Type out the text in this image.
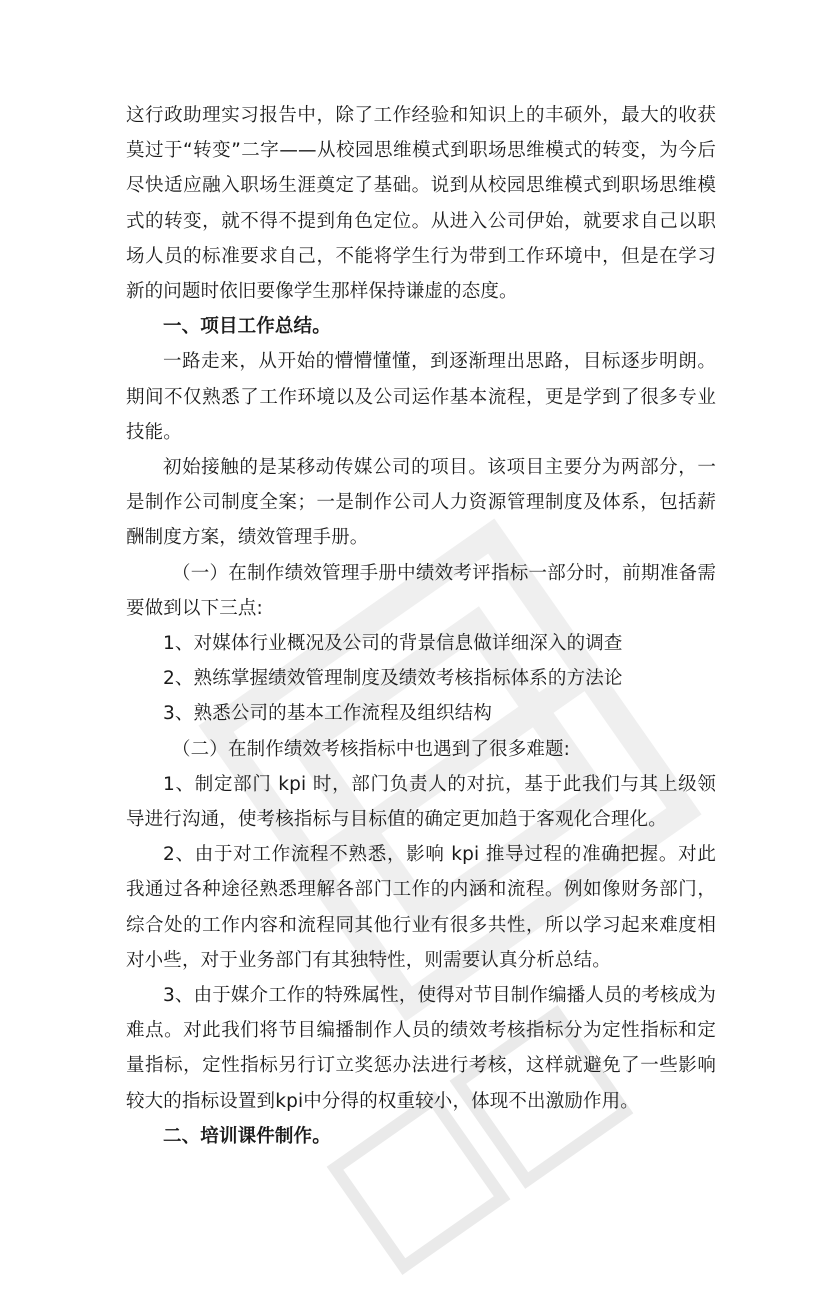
这行政助理实习报告中，除了工作经验和知识上的丰硕外，最大的收获莫过于“转变”二字——从校园思维模式到职场思维模式的转变，为今后尽快适应融入职场生涯奠定了基础。说到从校园思维模式到职场思维模式的转变，就不得不提到角色定位。从进入公司伊始，就要求自己以职场人员的标准要求自己，不能将学生行为带到工作环境中，但是在学习新的问题时依旧要像学生那样保持谦虚的态度。

一、项目工作总结。

一路走来，从开始的懵懵懂懂，到逐渐理出思路，目标逐步明朗。期间不仅熟悉了工作环境以及公司运作基本流程，更是学到了很多专业技能。

初始接触的是某移动传媒公司的项目。该项目主要分为两部分，一是制作公司制度全案；一是制作公司人力资源管理制度及体系，包括薪酬制度方案，绩效管理手册。

（一）在制作绩效管理手册中绩效考评指标一部分时，前期准备需要做到以下三点:

1、对媒体行业概况及公司的背景信息做详细深入的调查

2、熟练掌握绩效管理制度及绩效考核指标体系的方法论

3、熟悉公司的基本工作流程及组织结构

（二）在制作绩效考核指标中也遇到了很多难题:

1、制定部门 kpi 时，部门负责人的对抗，基于此我们与其上级领导进行沟通，使考核指标与目标值的确定更加趋于客观化合理化。

2、由于对工作流程不熟悉，影响 kpi 推导过程的准确把握。对此我通过各种途径熟悉理解各部门工作的内涵和流程。例如像财务部门，综合处的工作内容和流程同其他行业有很多共性，所以学习起来难度相对小些，对于业务部门有其独特性，则需要认真分析总结。

3、由于媒介工作的特殊属性，使得对节目制作编播人员的考核成为难点。对此我们将节目编播制作人员的绩效考核指标分为定性指标和定量指标，定性指标另行订立奖惩办法进行考核，这样就避免了一些影响较大的指标设置到kpi中分得的权重较小，体现不出激励作用。

二、培训课件制作。
